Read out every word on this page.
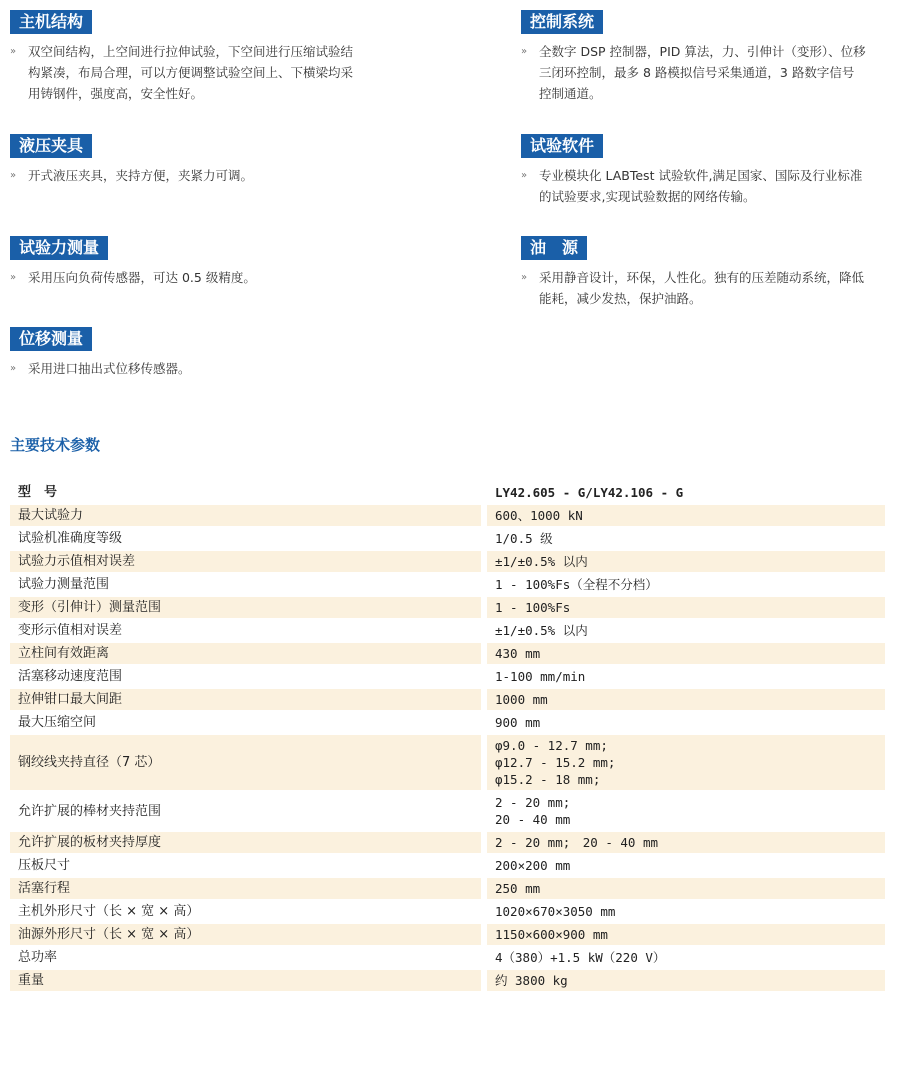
主机结构
» 双空间结构，上空间进行拉伸试验，下空间进行压缩试验结构紧凑，布局合理，可以方便调整试验空间上、下横梁均采用铸钢件，强度高，安全性好。
控制系统
» 全数字 DSP 控制器，PID 算法，力、引伸计（变形）、位移三闭环控制，最多 8 路模拟信号采集通道，3 路数字信号控制通道。
液压夹具
» 开式液压夹具，夹持方便，夹紧力可调。
试验软件
» 专业模块化 LABTest 试验软件,满足国家、国际及行业标准的试验要求,实现试验数据的网络传输。
试验力测量
» 采用压向负荷传感器，可达 0.5 级精度。
油　源
» 采用静音设计，环保，人性化。独有的压差随动系统，降低能耗，减少发热，保护油路。
位移测量
» 采用进口抽出式位移传感器。
主要技术参数
型　号	LY42.605 - G/LY42.106 - G
最大试验力	600、1000 kN

试验机准确度等级	1/0.5 级

试验力示值相对误差	±1/±0.5% 以内

试验力测量范围	1 - 100%Fs（全程不分档）

变形（引伸计）测量范围	1 - 100%Fs

变形示值相对误差	±1/±0.5% 以内

立柱间有效距离	430 mm

活塞移动速度范围	1-100 mm/min

拉伸钳口最大间距	1000 mm

最大压缩空间	900 mm

钢绞线夹持直径（7 芯）	φ9.0 - 12.7 mm;
φ12.7 - 15.2 mm;
φ15.2 - 18 mm;

允许扩展的棒材夹持范围	2 - 20 mm;
20 - 40 mm

允许扩展的板材夹持厚度	2 - 20 mm;　20 - 40 mm

压板尺寸	200×200 mm

活塞行程	250 mm

主机外形尺寸（长 × 宽 × 高）	1020×670×3050 mm

油源外形尺寸（长 × 宽 × 高）	1150×600×900 mm

总功率	4（380）+1.5 kW（220 V）

重量	约 3800 kg
